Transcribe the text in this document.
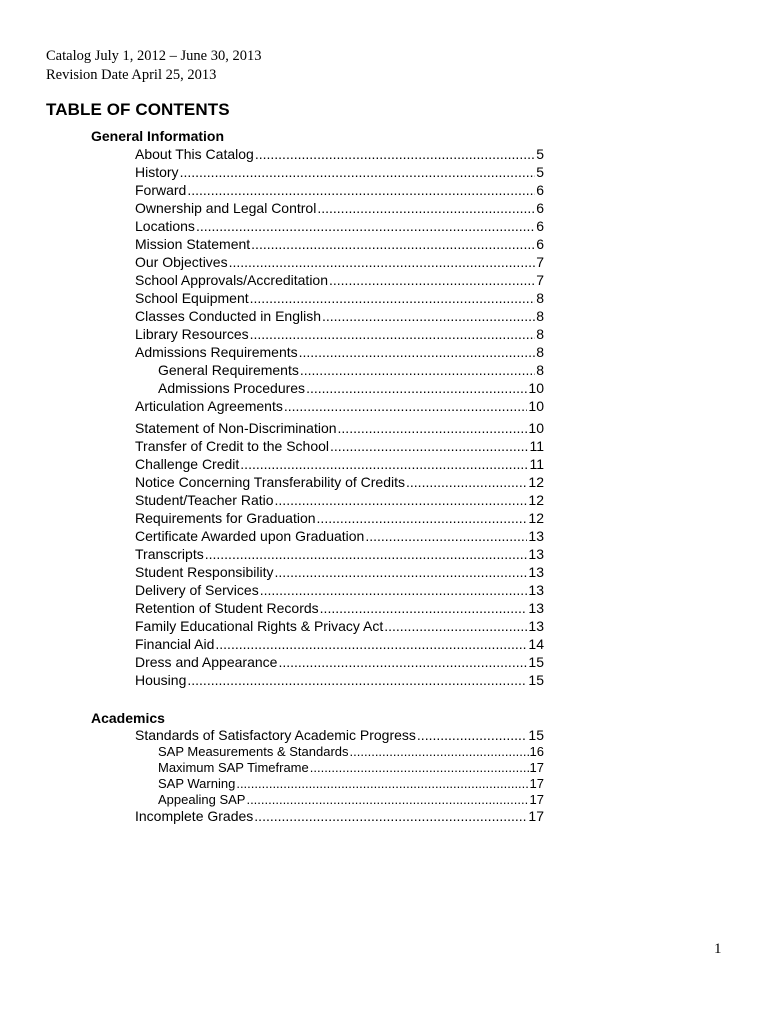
Catalog July 1, 2012 – June 30, 2013
Revision Date April 25, 2013
TABLE OF CONTENTS
General Information
Academics
About This Catalog .....	5
History .....	5
Forward .....	6
Ownership and Legal Control .....	6
Locations .....	6
Mission Statement .....	6
Our Objectives .....	7
School Approvals/Accreditation .....	7
School Equipment .....	8
Classes Conducted in English .....	8
Library Resources .....	8
Admissions Requirements .....	8
General Requirements .....	8
Admissions Procedures .....	10
Articulation Agreements .....	10
Statement of Non-Discrimination .....	10
Transfer of Credit to the School .....	11
Challenge Credit .....	11
Notice Concerning Transferability of Credits .....	12
Student/Teacher Ratio .....	12
Requirements for Graduation .....	12
Certificate Awarded upon Graduation .....	13
Transcripts .....	13
Student Responsibility .....	13
Delivery of Services .....	13
Retention of Student Records .....	13
Family Educational Rights & Privacy Act .....	13
Financial Aid .....	14
Dress and Appearance .....	15
Housing .....	15
Standards of Satisfactory Academic Progress .....	15
SAP Measurements & Standards .....	16
Maximum SAP Timeframe .....	17
SAP Warning .....	17
Appealing SAP .....	17
Incomplete Grades .....	17
1
